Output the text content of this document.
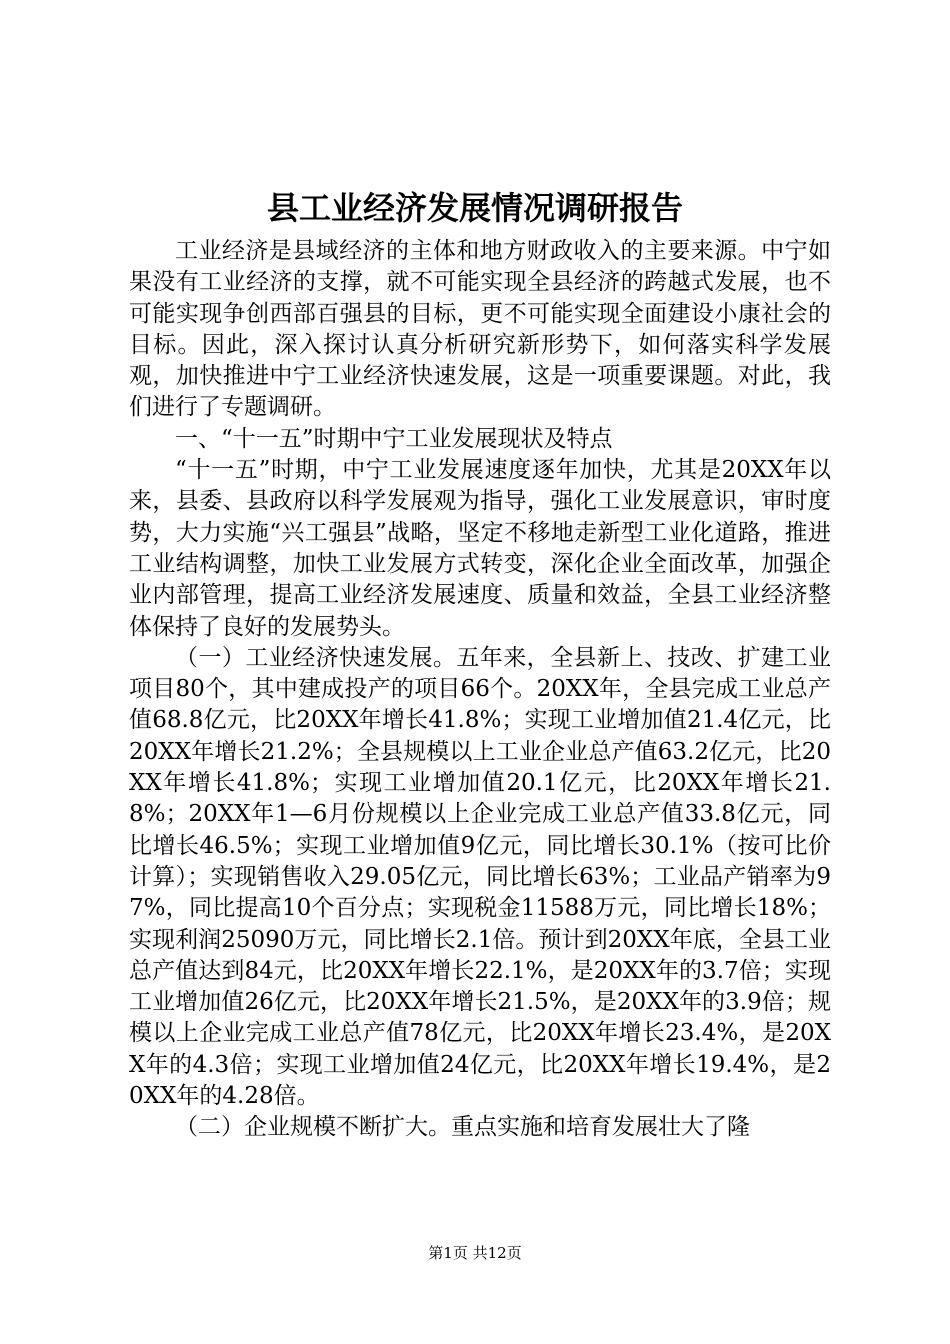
县工业经济发展情况调研报告

工业经济是县域经济的主体和地方财政收入的主要来源。中宁如果没有工业经济的支撑，就不可能实现全县经济的跨越式发展，也不可能实现争创西部百强县的目标，更不可能实现全面建设小康社会的目标。因此，深入探讨认真分析研究新形势下，如何落实科学发展观，加快推进中宁工业经济快速发展，这是一项重要课题。对此，我们进行了专题调研。

一、“十一五”时期中宁工业发展现状及特点

“十一五”时期，中宁工业发展速度逐年加快，尤其是20XX年以来，县委、县政府以科学发展观为指导，强化工业发展意识，审时度势，大力实施“兴工强县”战略，坚定不移地走新型工业化道路，推进工业结构调整，加快工业发展方式转变，深化企业全面改革，加强企业内部管理，提高工业经济发展速度、质量和效益，全县工业经济整体保持了良好的发展势头。

（一）工业经济快速发展。五年来，全县新上、技改、扩建工业项目80个，其中建成投产的项目66个。20XX年，全县完成工业总产值68.8亿元，比20XX年增长41.8%；实现工业增加值21.4亿元，比20XX年增长21.2%；全县规模以上工业企业总产值63.2亿元，比20XX年增长41.8%；实现工业增加值20.1亿元，比20XX年增长21.8%；20XX年1—6月份规模以上企业完成工业总产值33.8亿元，同比增长46.5%；实现工业增加值9亿元，同比增长30.1%（按可比价计算）；实现销售收入29.05亿元，同比增长63%；工业品产销率为97%，同比提高10个百分点；实现税金11588万元，同比增长18%；实现利润25090万元，同比增长2.1倍。预计到20XX年底，全县工业总产值达到84元，比20XX年增长22.1%，是20XX年的3.7倍；实现工业增加值26亿元，比20XX年增长21.5%，是20XX年的3.9倍；规模以上企业完成工业总产值78亿元，比20XX年增长23.4%，是20XX年的4.3倍；实现工业增加值24亿元，比20XX年增长19.4%，是20XX年的4.28倍。

（二）企业规模不断扩大。重点实施和培育发展壮大了隆

第1页 共12页
